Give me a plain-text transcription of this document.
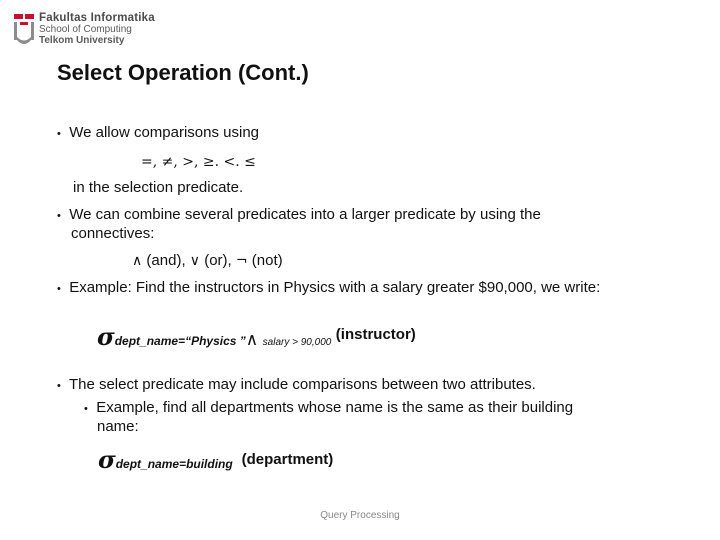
Fakultas Informatika
School of Computing
Telkom University
Select Operation (Cont.)
• We allow comparisons using
=, ≠, >, ≥. <. ≤
in the selection predicate.
• We can combine several predicates into a larger predicate by using the
connectives:
∧ (and), ∨ (or), ¬ (not)
• Example: Find the instructors in Physics with a salary greater $90,000, we write:
σdept_name=“Physics ”∧ salary > 90,000 (instructor)
• The select predicate may include comparisons between two attributes.
• Example, find all departments whose name is the same as their building
name:
σdept_name=building (department)
Query Processing
